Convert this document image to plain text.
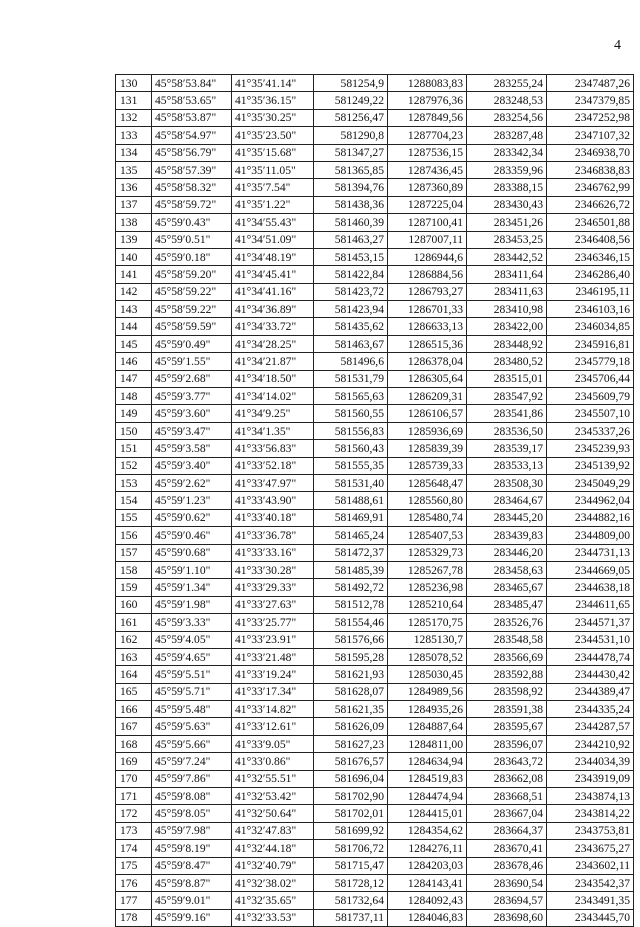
4
130	45°58′53.84"	41°35′41.14"	581254,9	1288083,83	283255,24	2347487,26
131	45°58′53.65"	41°35′36.15"	581249,22	1287976,36	283248,53	2347379,85
132	45°58′53.87"	41°35′30.25"	581256,47	1287849,56	283254,56	2347252,98
133	45°58′54.97"	41°35′23.50"	581290,8	1287704,23	283287,48	2347107,32
134	45°58′56.79"	41°35′15.68"	581347,27	1287536,15	283342,34	2346938,70
135	45°58′57.39"	41°35′11.05"	581365,85	1287436,45	283359,96	2346838,83
136	45°58′58.32"	41°35′7.54"	581394,76	1287360,89	283388,15	2346762,99
137	45°58′59.72"	41°35′1.22"	581438,36	1287225,04	283430,43	2346626,72
138	45°59′0.43"	41°34′55.43"	581460,39	1287100,41	283451,26	2346501,88
139	45°59′0.51"	41°34′51.09"	581463,27	1287007,11	283453,25	2346408,56
140	45°59′0.18"	41°34′48.19"	581453,15	1286944,6	283442,52	2346346,15
141	45°58′59.20"	41°34′45.41"	581422,84	1286884,56	283411,64	2346286,40
142	45°58′59.22"	41°34′41.16"	581423,72	1286793,27	283411,63	2346195,11
143	45°58′59.22"	41°34′36.89"	581423,94	1286701,33	283410,98	2346103,16
144	45°58′59.59"	41°34′33.72"	581435,62	1286633,13	283422,00	2346034,85
145	45°59′0.49"	41°34′28.25"	581463,67	1286515,36	283448,92	2345916,81
146	45°59′1.55"	41°34′21.87"	581496,6	1286378,04	283480,52	2345779,18
147	45°59′2.68"	41°34′18.50"	581531,79	1286305,64	283515,01	2345706,44
148	45°59′3.77"	41°34′14.02"	581565,63	1286209,31	283547,92	2345609,79
149	45°59′3.60"	41°34′9.25"	581560,55	1286106,57	283541,86	2345507,10
150	45°59′3.47"	41°34′1.35"	581556,83	1285936,69	283536,50	2345337,26
151	45°59′3.58"	41°33′56.83"	581560,43	1285839,39	283539,17	2345239,93
152	45°59′3.40"	41°33′52.18"	581555,35	1285739,33	283533,13	2345139,92
153	45°59′2.62"	41°33′47.97"	581531,40	1285648,47	283508,30	2345049,29
154	45°59′1.23"	41°33′43.90"	581488,61	1285560,80	283464,67	2344962,04
155	45°59′0.62"	41°33′40.18"	581469,91	1285480,74	283445,20	2344882,16
156	45°59′0.46"	41°33′36.78"	581465,24	1285407,53	283439,83	2344809,00
157	45°59′0.68"	41°33′33.16"	581472,37	1285329,73	283446,20	2344731,13
158	45°59′1.10"	41°33′30.28"	581485,39	1285267,78	283458,63	2344669,05
159	45°59′1.34"	41°33′29.33"	581492,72	1285236,98	283465,67	2344638,18
160	45°59′1.98"	41°33′27.63"	581512,78	1285210,64	283485,47	2344611,65
161	45°59′3.33"	41°33′25.77"	581554,46	1285170,75	283526,76	2344571,37
162	45°59′4.05"	41°33′23.91"	581576,66	1285130,7	283548,58	2344531,10
163	45°59′4.65"	41°33′21.48"	581595,28	1285078,52	283566,69	2344478,74
164	45°59′5.51"	41°33′19.24"	581621,93	1285030,45	283592,88	2344430,42
165	45°59′5.71"	41°33′17.34"	581628,07	1284989,56	283598,92	2344389,47
166	45°59′5.48"	41°33′14.82"	581621,35	1284935,26	283591,38	2344335,24
167	45°59′5.63"	41°33′12.61"	581626,09	1284887,64	283595,67	2344287,57
168	45°59′5.66"	41°33′9.05"	581627,23	1284811,00	283596,07	2344210,92
169	45°59′7.24"	41°33′0.86"	581676,57	1284634,94	283643,72	2344034,39
170	45°59′7.86"	41°32′55.51"	581696,04	1284519,83	283662,08	2343919,09
171	45°59′8.08"	41°32′53.42"	581702,90	1284474,94	283668,51	2343874,13
172	45°59′8.05"	41°32′50.64"	581702,01	1284415,01	283667,04	2343814,22
173	45°59′7.98"	41°32′47.83"	581699,92	1284354,62	283664,37	2343753,81
174	45°59′8.19"	41°32′44.18"	581706,72	1284276,11	283670,41	2343675,27
175	45°59′8.47"	41°32′40.79"	581715,47	1284203,03	283678,46	2343602,11
176	45°59′8.87"	41°32′38.02"	581728,12	1284143,41	283690,54	2343542,37
177	45°59′9.01"	41°32′35.65"	581732,64	1284092,43	283694,57	2343491,35
178	45°59′9.16"	41°32′33.53"	581737,11	1284046,83	283698,60	2343445,70
